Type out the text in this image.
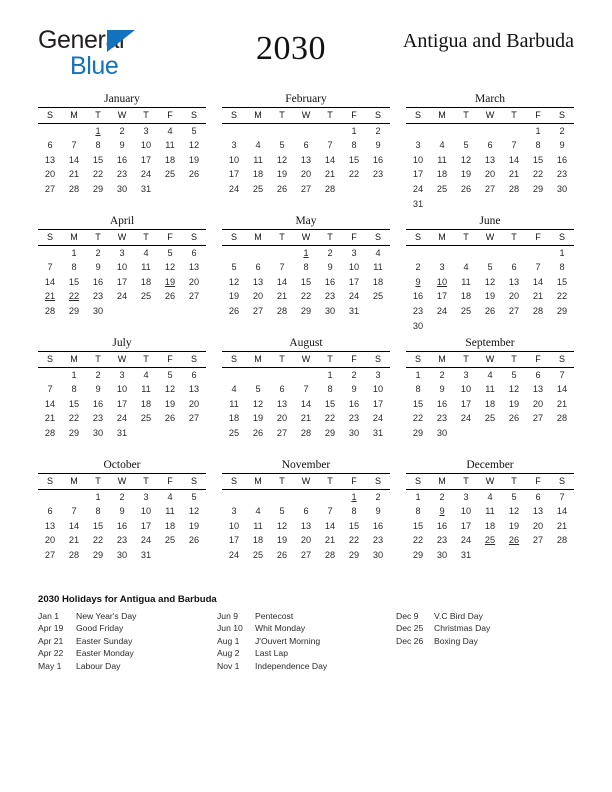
General
Blue	2030	Antigua and Barbuda
January
S	M	T	W	T	F	S
		1	2	3	4	5
6	7	8	9	10	11	12
13	14	15	16	17	18	19
20	21	22	23	24	25	26
27	28	29	30	31		

February
S	M	T	W	T	F	S
					1	2
3	4	5	6	7	8	9
10	11	12	13	14	15	16
17	18	19	20	21	22	23
24	25	26	27	28		

March
S	M	T	W	T	F	S
					1	2
3	4	5	6	7	8	9
10	11	12	13	14	15	16
17	18	19	20	21	22	23
24	25	26	27	28	29	30
31						
April
S	M	T	W	T	F	S
	1	2	3	4	5	6
7	8	9	10	11	12	13
14	15	16	17	18	19	20
21	22	23	24	25	26	27
28	29	30				

May
S	M	T	W	T	F	S
			1	2	3	4
5	6	7	8	9	10	11
12	13	14	15	16	17	18
19	20	21	22	23	24	25
26	27	28	29	30	31	

June
S	M	T	W	T	F	S
						1
2	3	4	5	6	7	8
9	10	11	12	13	14	15
16	17	18	19	20	21	22
23	24	25	26	27	28	29
30						
July
S	M	T	W	T	F	S
	1	2	3	4	5	6
7	8	9	10	11	12	13
14	15	16	17	18	19	20
21	22	23	24	25	26	27
28	29	30	31			

August
S	M	T	W	T	F	S
				1	2	3
4	5	6	7	8	9	10
11	12	13	14	15	16	17
18	19	20	21	22	23	24
25	26	27	28	29	30	31

September
S	M	T	W	T	F	S
1	2	3	4	5	6	7
8	9	10	11	12	13	14
15	16	17	18	19	20	21
22	23	24	25	26	27	28
29	30					

October
S	M	T	W	T	F	S
		1	2	3	4	5
6	7	8	9	10	11	12
13	14	15	16	17	18	19
20	21	22	23	24	25	26
27	28	29	30	31		

November
S	M	T	W	T	F	S
					1	2
3	4	5	6	7	8	9
10	11	12	13	14	15	16
17	18	19	20	21	22	23
24	25	26	27	28	29	30

December
S	M	T	W	T	F	S
1	2	3	4	5	6	7
8	9	10	11	12	13	14
15	16	17	18	19	20	21
22	23	24	25	26	27	28
29	30	31				

2030 Holidays for Antigua and Barbuda
Jan 1	New Year's Day
Apr 19	Good Friday
Apr 21	Easter Sunday
Apr 22	Easter Monday
May 1	Labour Day
Jun 9	Pentecost
Jun 10	Whit Monday
Aug 1	J'Ouvert Morning
Aug 2	Last Lap
Nov 1	Independence Day
Dec 9	V.C Bird Day
Dec 25	Christmas Day
Dec 26	Boxing Day
